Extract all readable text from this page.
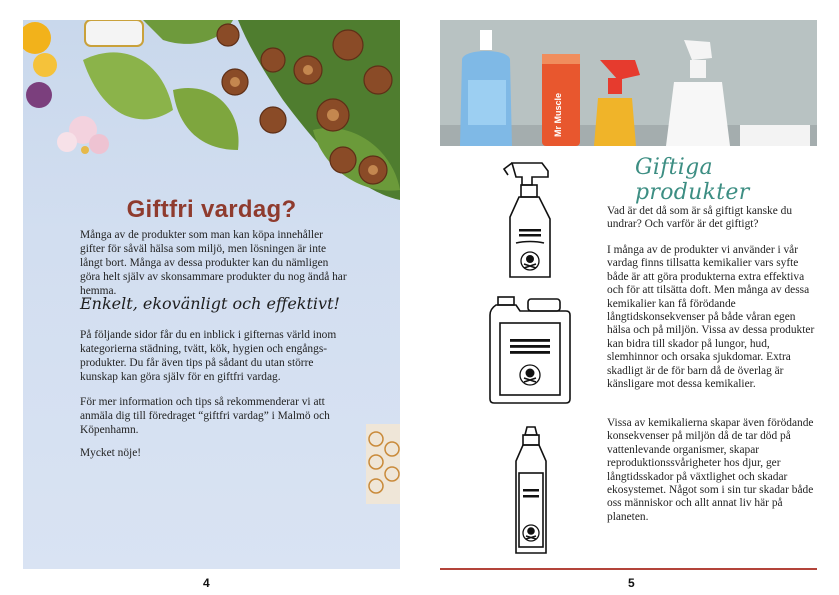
Giftfri vardag?

Många av de produkter som man kan köpa innehåller gifter för såväl hälsa som miljö, men lösningen är inte långt bort. Många av dessa produkter kan du nämligen göra helt själv av skonsammare produkter du nog ändå har hemma.

Enkelt, ekovänligt och effektivt!

På följande sidor får du en inblick i gifternas värld inom kategorierna städning, tvätt, kök, hygien och engångs-produkter. Du får även tips på sådant du utan större kunskap kan göra själv för en giftfri vardag.

För mer information och tips så rekommenderar vi att anmäla dig till föredraget “giftfri vardag” i Malmö och Köpenhamn.

Mycket nöje!

4
Mr Muscle
Giftiga produkter

Vad är det då som är så giftigt kanske du undrar? Och varför är det giftigt?

I många av de produkter vi använder i vår vardag finns tillsatta kemikalier vars syfte både är att göra produkterna extra effektiva och för att tilsätta doft. Men många av dessa kemikalier kan få förödande långtidskonsekvenser på både våran egen hälsa och på miljön. Vissa av dessa produkter kan bidra till skador på lungor, hud, slemhinnor och orsaka sjukdomar. Extra skadligt är de för barn då de överlag är känsligare mot dessa kemikalier.

Vissa av kemikalierna skapar även förödande konsekvenser på miljön då de tar död på vattenlevande organismer, skapar reproduktionssvårigheter hos djur, ger långtidsskador på växtlighet och skadar ekosystemet. Något som i sin tur skadar både oss människor och allt annat liv här på planeten.

5
